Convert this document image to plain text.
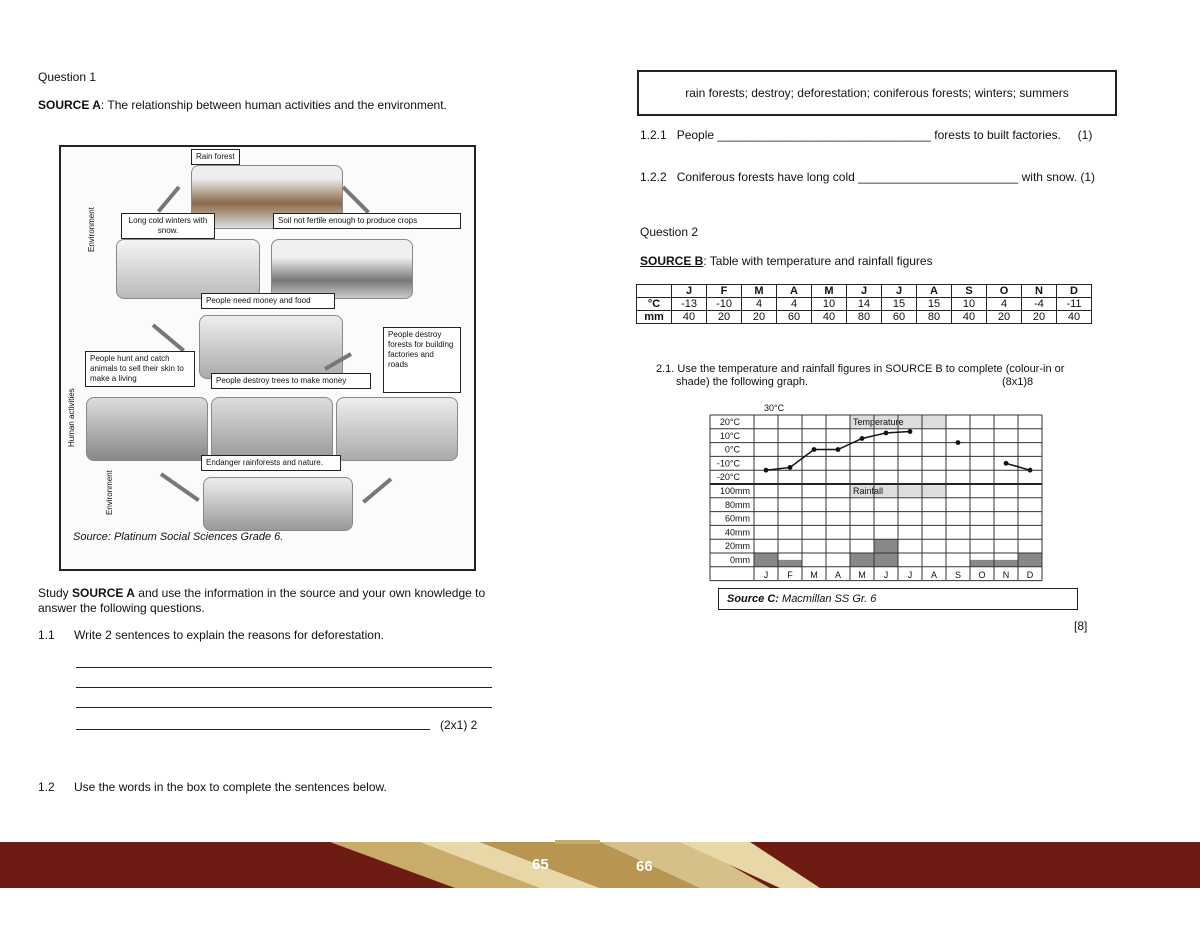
Question 1
SOURCE A: The relationship between human activities and the environment.
Rain forest
Long cold winters with snow.
Soil not fertile enough to produce crops
People need money and food
People destroy forests for building factories and roads
People hunt and catch animals to sell their skin to make a living	People destroy trees to make money
Endanger rainforests and nature.
Environment
Human activities
Environment
Source: Platinum Social Sciences Grade 6.
Study SOURCE A and use the information in the source and your own knowledge to answer the following questions.
1.1 Write 2 sentences to explain the reasons for deforestation.
(2x1) 2
1.2 Use the words in the box to complete the sentences below.
rain forests; destroy; deforestation; coniferous forests; winters; summers
1.2.1   People ________________________________ forests to built factories.     (1)
1.2.2   Coniferous forests have long cold ________________________ with snow. (1)
Question 2
SOURCE B: Table with temperature and rainfall figures
	J	F	M	A	M	J	J	A	S	O	N	D
°C	-13	-10	4	4	10	14	15	15	10	4	-4	-11
mm	40	20	20	60	40	80	60	80	40	20	20	40
2.1. Use the temperature and rainfall figures in SOURCE B to complete (colour-in or
shade) the following graph.	(8x1)8
30°C
20°C
10°C
0°C
-10°C
-20°C
100mm
80mm
60mm
40mm
20mm
0mm
Temperature
Rainfall
J F M A M J J A S O N D
Source C: Macmillan SS Gr. 6
[8]
65	66
